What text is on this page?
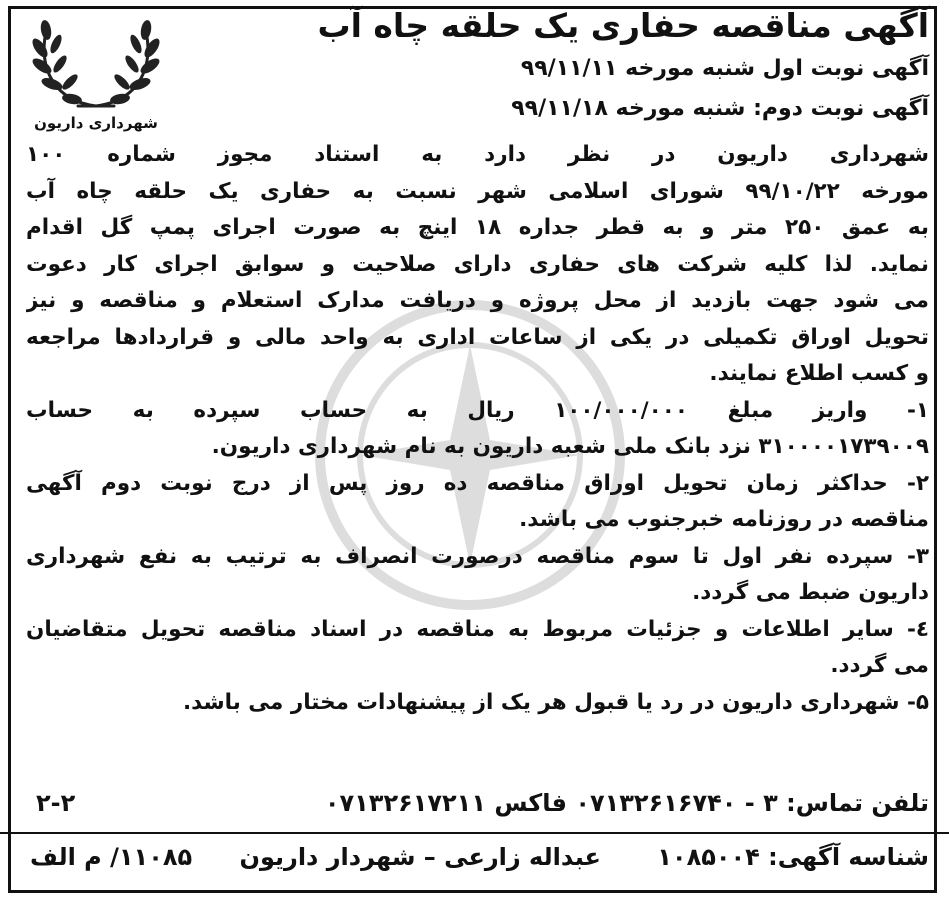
شهرداری داریون
آگهی مناقصه حفاری یک حلقه چاه آب
آگهی نوبت اول شنبه مورخه ۹۹/۱۱/۱۱
آگهی نوبت دوم: شنبه مورخه ۹۹/۱۱/۱۸
شهرداری داریون در نظر دارد به استناد مجوز شماره ۱۰۰
مورخه ۹۹/۱۰/۲۲ شورای اسلامی شهر نسبت به حفاری یک حلقه چاه آب
به عمق ۲۵۰ متر و به قطر جداره ۱۸ اینچ به صورت اجرای پمپ گل اقدام
نماید. لذا کلیه شرکت های حفاری دارای صلاحیت و سوابق اجرای کار دعوت
می شود جهت بازدید از محل پروژه و دریافت مدارک استعلام و مناقصه و نیز
تحویل اوراق تکمیلی در یکی از ساعات اداری به واحد مالی و قراردادها مراجعه
و کسب اطلاع نمایند.
۱- واریز مبلغ ۱۰۰/۰۰۰/۰۰۰ ریال به حساب سپرده به حساب
۳۱۰۰۰۰۱۷۳۹۰۰۹ نزد بانک ملی شعبه داریون به نام شهرداری داریون.
۲- حداکثر زمان تحویل اوراق مناقصه ده روز پس از درج نوبت دوم آگهی
مناقصه در روزنامه خبرجنوب می باشد.
۳- سپرده نفر اول تا سوم مناقصه درصورت انصراف به ترتیب به نفع شهرداری
داریون ضبط می گردد.
٤- سایر اطلاعات و جزئیات مربوط به مناقصه در اسناد مناقصه تحویل متقاضیان
می گردد.
۵- شهرداری داریون در رد یا قبول هر یک از پیشنهادات مختار می باشد.
تلفن تماس: ۳ - ۰۷۱۳۲۶۱۶۷۴۰ فاکس ۰۷۱۳۲۶۱۷۲۱۱
۲-۲
شناسه آگهی: ۱۰۸۵۰۰۴ عبداله زارعی – شهردار داریون
۱۱۰۸۵/ م الف
